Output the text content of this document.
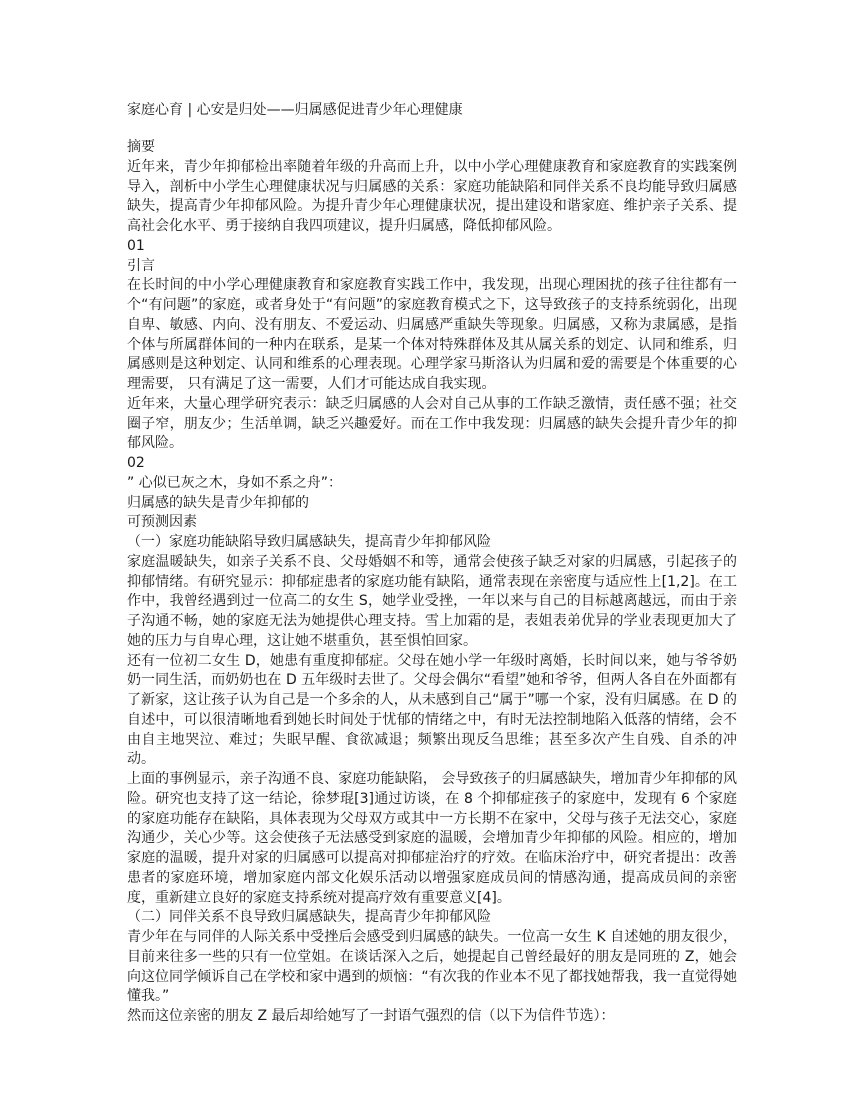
家庭心育 | 心安是归处——归属感促进青少年心理健康

摘要

近年来，青少年抑郁检出率随着年级的升高而上升，以中小学心理健康教育和家庭教育的实践案例导入，剖析中小学生心理健康状况与归属感的关系：家庭功能缺陷和同伴关系不良均能导致归属感缺失，提高青少年抑郁风险。为提升青少年心理健康状况，提出建设和谐家庭、维护亲子关系、提高社会化水平、勇于接纳自我四项建议，提升归属感，降低抑郁风险。

01

引言

在长时间的中小学心理健康教育和家庭教育实践工作中，我发现，出现心理困扰的孩子往往都有一个“有问题”的家庭，或者身处于“有问题”的家庭教育模式之下，这导致孩子的支持系统弱化，出现自卑、敏感、内向、没有朋友、不爱运动、归属感严重缺失等现象。归属感，又称为隶属感，是指个体与所属群体间的一种内在联系，是某一个体对特殊群体及其从属关系的划定、认同和维系，归属感则是这种划定、认同和维系的心理表现。心理学家马斯洛认为归属和爱的需要是个体重要的心理需要， 只有满足了这一需要，人们才可能达成自我实现。

近年来，大量心理学研究表示：缺乏归属感的人会对自己从事的工作缺乏激情，责任感不强；社交圈子窄，朋友少；生活单调，缺乏兴趣爱好。而在工作中我发现：归属感的缺失会提升青少年的抑郁风险。

02

” 心似已灰之木，身如不系之舟”：

归属感的缺失是青少年抑郁的

可预测因素

（一）家庭功能缺陷导致归属感缺失，提高青少年抑郁风险

家庭温暖缺失，如亲子关系不良、父母婚姻不和等，通常会使孩子缺乏对家的归属感，引起孩子的抑郁情绪。有研究显示：抑郁症患者的家庭功能有缺陷，通常表现在亲密度与适应性上[1,2]。在工作中，我曾经遇到过一位高二的女生 S，她学业受挫，一年以来与自己的目标越离越远，而由于亲子沟通不畅，她的家庭无法为她提供心理支持。雪上加霜的是，表姐表弟优异的学业表现更加大了她的压力与自卑心理，这让她不堪重负，甚至惧怕回家。

还有一位初二女生 D，她患有重度抑郁症。父母在她小学一年级时离婚，长时间以来，她与爷爷奶奶一同生活，而奶奶也在 D 五年级时去世了。父母会偶尔“看望”她和爷爷，但两人各自在外面都有了新家，这让孩子认为自己是一个多余的人，从未感到自己“属于”哪一个家，没有归属感。在 D 的自述中，可以很清晰地看到她长时间处于忧郁的情绪之中，有时无法控制地陷入低落的情绪，会不由自主地哭泣、难过；失眠早醒、食欲减退；频繁出现反刍思维；甚至多次产生自残、自杀的冲动。

上面的事例显示，亲子沟通不良、家庭功能缺陷， 会导致孩子的归属感缺失，增加青少年抑郁的风险。研究也支持了这一结论，徐梦琨[3]通过访谈，在 8 个抑郁症孩子的家庭中，发现有 6 个家庭的家庭功能存在缺陷，具体表现为父母双方或其中一方长期不在家中，父母与孩子无法交心，家庭沟通少，关心少等。这会使孩子无法感受到家庭的温暖，会增加青少年抑郁的风险。相应的，增加家庭的温暖，提升对家的归属感可以提高对抑郁症治疗的疗效。在临床治疗中，研究者提出：改善患者的家庭环境，增加家庭内部文化娱乐活动以增强家庭成员间的情感沟通，提高成员间的亲密度，重新建立良好的家庭支持系统对提高疗效有重要意义[4]。

（二）同伴关系不良导致归属感缺失，提高青少年抑郁风险

青少年在与同伴的人际关系中受挫后会感受到归属感的缺失。一位高一女生 K 自述她的朋友很少，目前来往多一些的只有一位堂姐。在谈话深入之后，她提起自己曾经最好的朋友是同班的 Z，她会向这位同学倾诉自己在学校和家中遇到的烦恼：“有次我的作业本不见了都找她帮我，我一直觉得她懂我。”

然而这位亲密的朋友 Z 最后却给她写了一封语气强烈的信（以下为信件节选）：
